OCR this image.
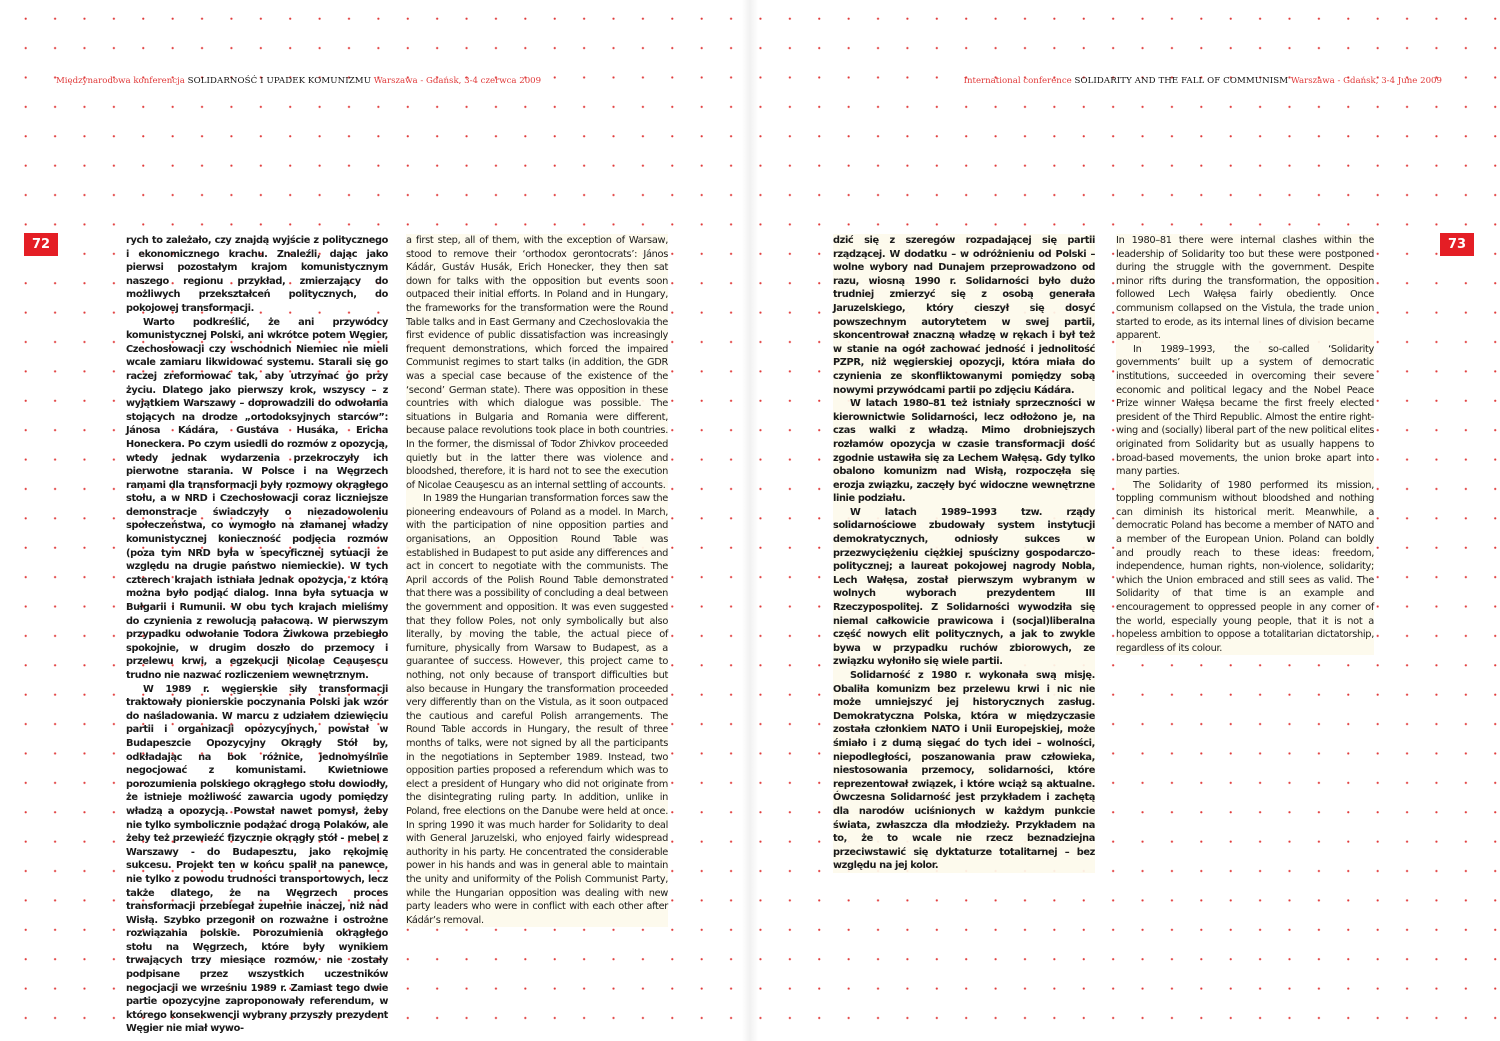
Międzynarodowa konferencja SOLIDARNOŚĆ I UPADEK KOMUNIZMU Warszawa - Gdańsk, 3-4 czerwca 2009

72	rych to zależało, czy znajdą wyjście z politycznego i ekonomicznego krachu. Znaleźli, dając jako pierwsi pozostałym krajom komunistycznym naszego regionu przykład, zmierzający do możliwych przekształceń politycznych, do pokojowej transformacji.

Warto podkreślić, że ani przywódcy komunistycznej Polski, ani wkrótce potem Węgier, Czechosłowacji czy wschodnich Niemiec nie mieli wcale zamiaru likwidować systemu. Starali się go raczej zreformować tak, aby utrzymać go przy życiu. Dlatego jako pierwszy krok, wszyscy – z wyjątkiem Warszawy – doprowadzili do odwołania stojących na drodze „ortodoksyjnych starców”: Jánosa Kádára, Gustáva Husáka, Ericha Honeckera. Po czym usiedli do rozmów z opozycją, wtedy jednak wydarzenia przekroczyły ich pierwotne starania. W Polsce i na Węgrzech ramami dla transformacji były rozmowy okrągłego stołu, a w NRD i Czechosłowacji coraz liczniejsze demonstracje świadczyły o niezadowoleniu społeczeństwa, co wymogło na złamanej władzy komunistycznej konieczność podjęcia rozmów (poza tym NRD była w specyficznej sytuacji ze względu na drugie państwo niemieckie). W tych czterech krajach istniała jednak opozycja, z którą można było podjąć dialog. Inna była sytuacja w Bułgarii i Rumunii. W obu tych krajach mieliśmy do czynienia z rewolucją pałacową. W pierwszym przypadku odwołanie Todora Żiwkowa przebiegło spokojnie, w drugim doszło do przemocy i przelewu krwi, a egzekucji Nicolae Ceauşescu trudno nie nazwać rozliczeniem wewnętrznym.

W 1989 r. węgierskie siły transformacji traktowały pionierskie poczynania Polski jak wzór do naśladowania. W marcu z udziałem dziewięciu partii i organizacji opozycyjnych, powstał w Budapeszcie Opozycyjny Okrągły Stół by, odkładając na bok różnice, jednomyślnie negocjować z komunistami. Kwietniowe porozumienia polskiego okrągłego stołu dowiodły, że istnieje możliwość zawarcia ugody pomiędzy władzą a opozycją. Powstał nawet pomysł, żeby nie tylko symbolicznie podążać drogą Polaków, ale żeby też przewieźć fizycznie okrągły stół - mebel z Warszawy - do Budapesztu, jako rękojmię sukcesu. Projekt ten w końcu spalił na panewce, nie tylko z powodu trudności transportowych, lecz także dlatego, że na Węgrzech proces transformacji przebiegał zupełnie inaczej, niż nad Wisłą. Szybko przegonił on rozważne i ostrożne rozwiązania polskie. Porozumienia okrągłego stołu na Węgrzech, które były wynikiem trwających trzy miesiące rozmów, nie zostały podpisane przez wszystkich uczestników negocjacji we wrześniu 1989 r. Zamiast tego dwie partie opozycyjne zaproponowały referendum, w którego konsekwencji wybrany przyszły prezydent Węgier nie miał wywo-

a first step, all of them, with the exception of Warsaw, stood to remove their ‘orthodox gerontocrats’: János Kádár, Gustáv Husák, Erich Honecker, they then sat down for talks with the opposition but events soon outpaced their initial efforts. In Poland and in Hungary, the frameworks for the transformation were the Round Table talks and in East Germany and Czechoslovakia the first evidence of public dissatisfaction was increasingly frequent demonstrations, which forced the impaired Communist regimes to start talks (in addition, the GDR was a special case because of the existence of the ‘second’ German state). There was opposition in these countries with which dialogue was possible. The situations in Bulgaria and Romania were different, because palace revolutions took place in both countries. In the former, the dismissal of Todor Zhivkov proceeded quietly but in the latter there was violence and bloodshed, therefore, it is hard not to see the execution of Nicolae Ceauşescu as an internal settling of accounts.

In 1989 the Hungarian transformation forces saw the pioneering endeavours of Poland as a model. In March, with the participation of nine opposition parties and organisations, an Opposition Round Table was established in Budapest to put aside any differences and act in concert to negotiate with the communists. The April accords of the Polish Round Table demonstrated that there was a possibility of concluding a deal between the government and opposition. It was even suggested that they follow Poles, not only symbolically but also literally, by moving the table, the actual piece of furniture, physically from Warsaw to Budapest, as a guarantee of success. However, this project came to nothing, not only because of transport difficulties but also because in Hungary the transformation proceeded very differently than on the Vistula, as it soon outpaced the cautious and careful Polish arrangements. The Round Table accords in Hungary, the result of three months of talks, were not signed by all the participants in the negotiations in September 1989. Instead, two opposition parties proposed a referendum which was to elect a president of Hungary who did not originate from the disintegrating ruling party. In addition, unlike in Poland, free elections on the Danube were held at once. In spring 1990 it was much harder for Solidarity to deal with General Jaruzelski, who enjoyed fairly widespread authority in his party. He concentrated the considerable power in his hands and was in general able to maintain the unity and uniformity of the Polish Communist Party, while the Hungarian opposition was dealing with new party leaders who were in conflict with each other after Kádár’s removal.

International conference SOLIDARITY AND THE FALL OF COMMUNISM Warszawa - Gdańsk, 3-4 June 2009

73

dzić się z szeregów rozpadającej się partii rządzącej. W dodatku – w odróżnieniu od Polski – wolne wybory nad Dunajem przeprowadzono od razu, wiosną 1990 r. Solidarności było dużo trudniej zmierzyć się z osobą generała Jaruzelskiego, który cieszył się dosyć powszechnym autorytetem w swej partii, skoncentrował znaczną władzę w rękach i był też w stanie na ogół zachować jedność i jednolitość PZPR, niż węgierskiej opozycji, która miała do czynienia ze skonfliktowanymi pomiędzy sobą nowymi przywódcami partii po zdjęciu Kádára.

W latach 1980–81 też istniały sprzeczności w kierownictwie Solidarności, lecz odłożono je, na czas walki z władzą. Mimo drobniejszych rozłamów opozycja w czasie transformacji dość zgodnie ustawiła się za Lechem Wałęsą. Gdy tylko obalono komunizm nad Wisłą, rozpoczęła się erozja związku, zaczęły być widoczne wewnętrzne linie podziału.

W latach 1989–1993 tzw. rządy solidarnościowe zbudowały system instytucji demokratycznych, odniosły sukces w przezwyciężeniu ciężkiej spuścizny gospodarczo-politycznej; a laureat pokojowej nagrody Nobla, Lech Wałęsa, został pierwszym wybranym w wolnych wyborach prezydentem III Rzeczypospolitej. Z Solidarności wywodziła się niemal całkowicie prawicowa i (socjal)liberalna część nowych elit politycznych, a jak to zwykle bywa w przypadku ruchów zbiorowych, ze związku wyłoniło się wiele partii.

Solidarność z 1980 r. wykonała swą misję. Obaliła komunizm bez przelewu krwi i nic nie może umniejszyć jej historycznych zasług. Demokratyczna Polska, która w międzyczasie została członkiem NATO i Unii Europejskiej, może śmiało i z dumą sięgać do tych idei – wolności, niepodległości, poszanowania praw człowieka, niestosowania przemocy, solidarności, które reprezentował związek, i które wciąż są aktualne. Ówczesna Solidarność jest przykładem i zachętą dla narodów uciśnionych w każdym punkcie świata, zwłaszcza dla młodzieży. Przykładem na to, że to wcale nie rzecz beznadziejna przeciwstawić się dyktaturze totalitarnej – bez względu na jej kolor.

In 1980–81 there were internal clashes within the leadership of Solidarity too but these were postponed during the struggle with the government. Despite minor rifts during the transformation, the opposition followed Lech Wałęsa fairly obediently. Once communism collapsed on the Vistula, the trade union started to erode, as its internal lines of division became apparent.

In 1989–1993, the so-called ‘Solidarity governments’ built up a system of democratic institutions, succeeded in overcoming their severe economic and political legacy and the Nobel Peace Prize winner Wałęsa became the first freely elected president of the Third Republic. Almost the entire right-wing and (socially) liberal part of the new political elites originated from Solidarity but as usually happens to broad-based movements, the union broke apart into many parties.

The Solidarity of 1980 performed its mission, toppling communism without bloodshed and nothing can diminish its historical merit. Meanwhile, a democratic Poland has become a member of NATO and a member of the European Union. Poland can boldly and proudly reach to these ideas: freedom, independence, human rights, non-violence, solidarity; which the Union embraced and still sees as valid. The Solidarity of that time is an example and encouragement to oppressed people in any corner of the world, especially young people, that it is not a hopeless ambition to oppose a totalitarian dictatorship, regardless of its colour.
